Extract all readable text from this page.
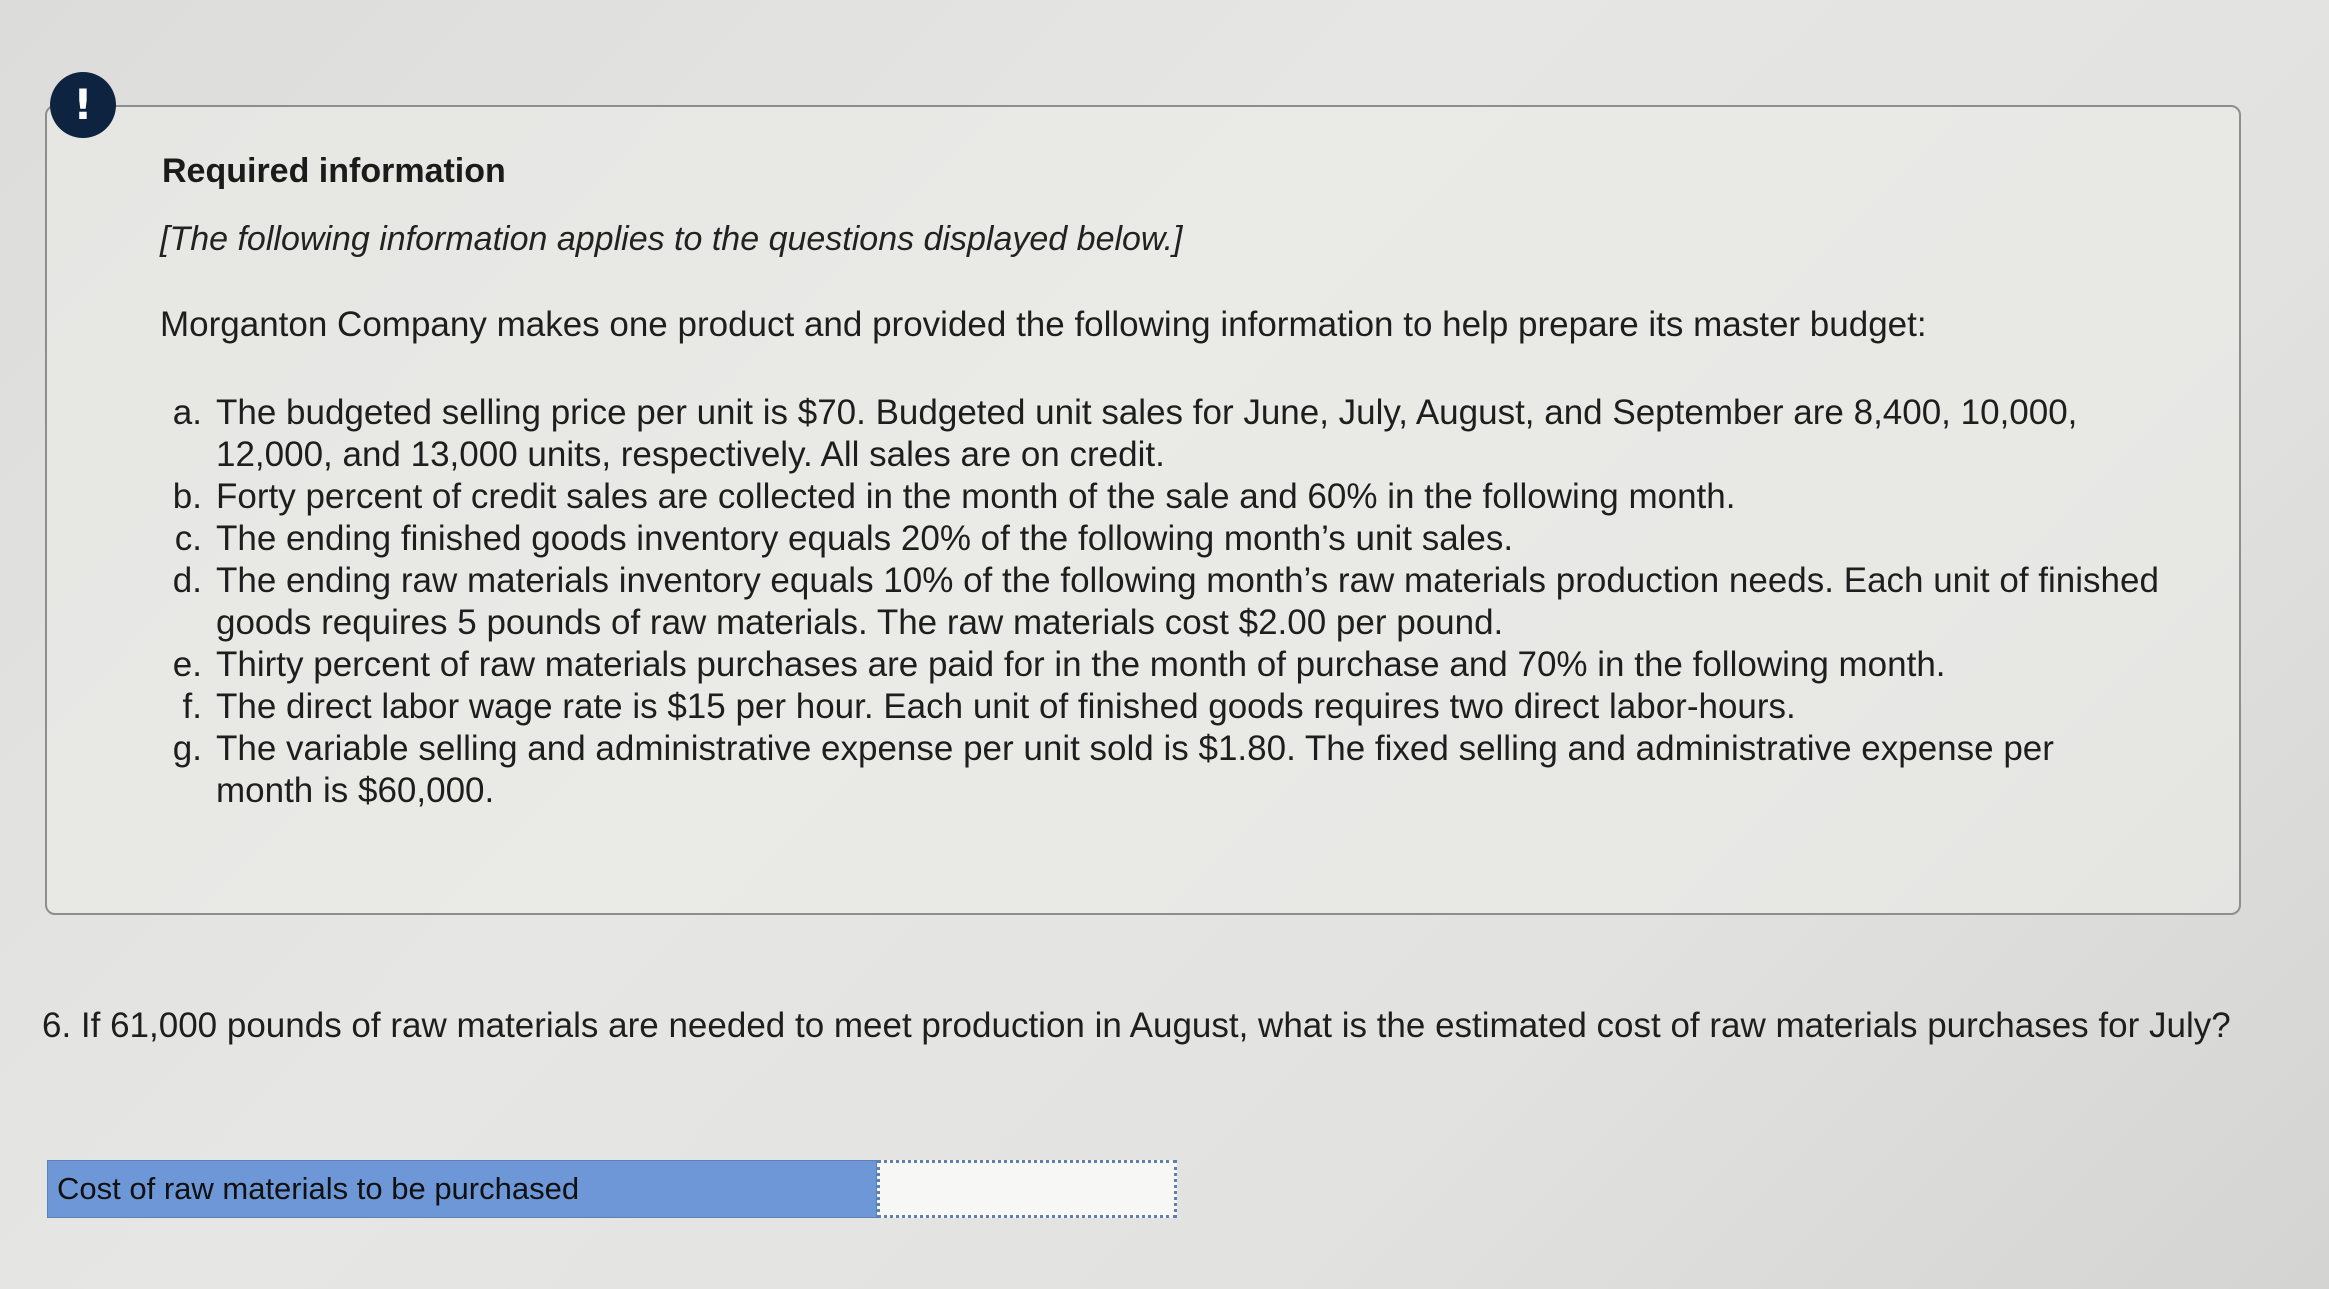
!
Required information
[The following information applies to the questions displayed below.]
Morganton Company makes one product and provided the following information to help prepare its master budget:
a. The budgeted selling price per unit is $70. Budgeted unit sales for June, July, August, and September are 8,400, 10,000, 12,000, and 13,000 units, respectively. All sales are on credit.
b. Forty percent of credit sales are collected in the month of the sale and 60% in the following month.
c. The ending finished goods inventory equals 20% of the following month’s unit sales.
d. The ending raw materials inventory equals 10% of the following month’s raw materials production needs. Each unit of finished goods requires 5 pounds of raw materials. The raw materials cost $2.00 per pound.
e. Thirty percent of raw materials purchases are paid for in the month of purchase and 70% in the following month.
f. The direct labor wage rate is $15 per hour. Each unit of finished goods requires two direct labor-hours.
g. The variable selling and administrative expense per unit sold is $1.80. The fixed selling and administrative expense per month is $60,000.
6. If 61,000 pounds of raw materials are needed to meet production in August, what is the estimated cost of raw materials purchases for July?
Cost of raw materials to be purchased
